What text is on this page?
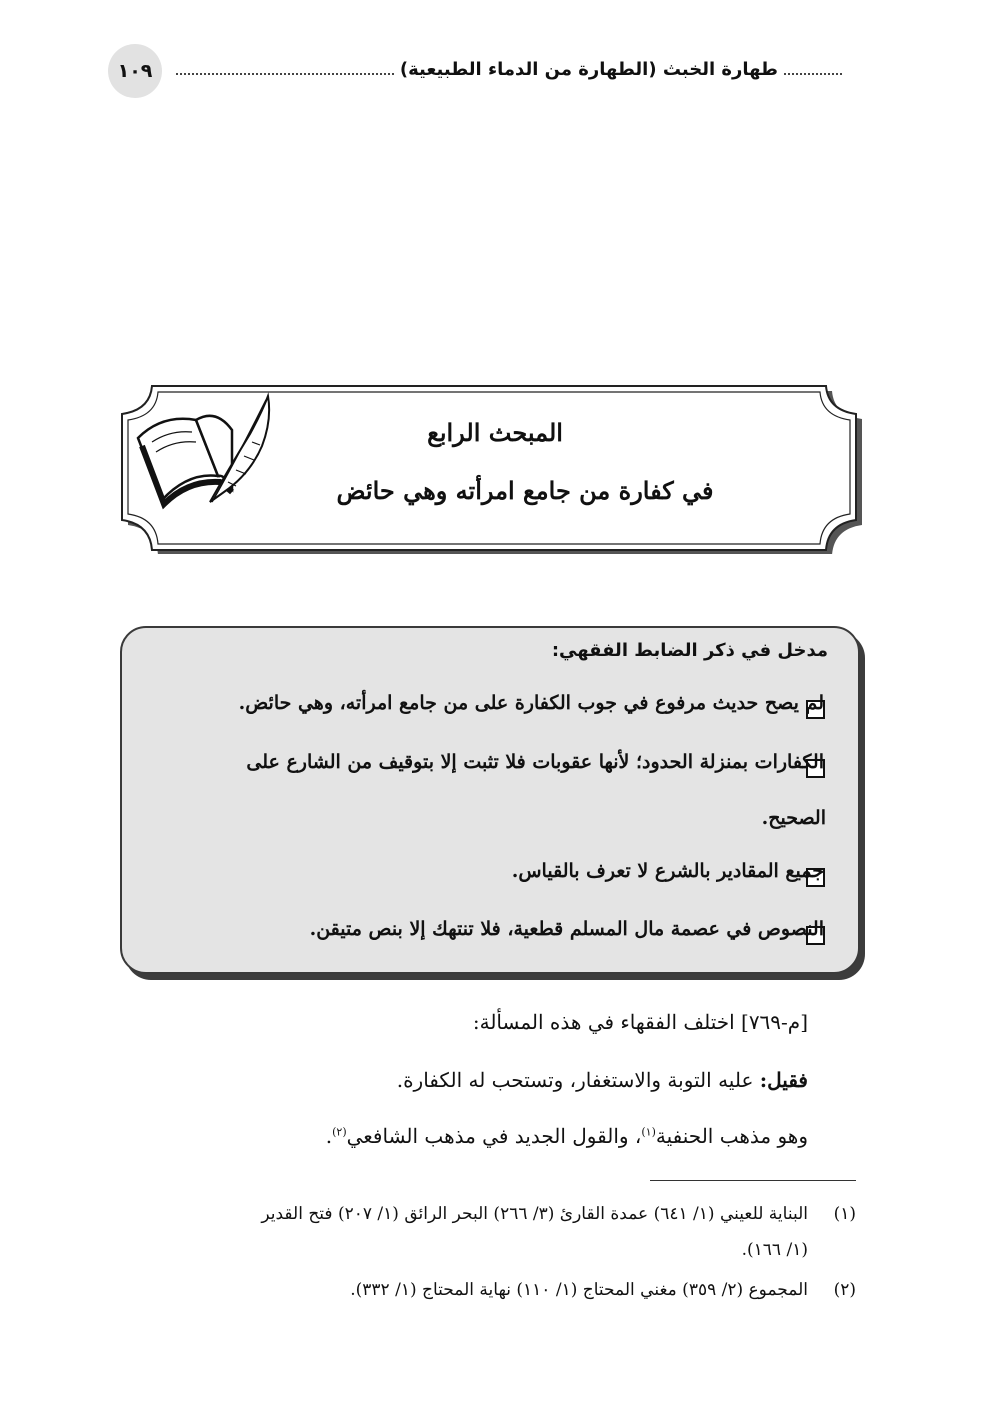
١٠٩	طهارة الخبث (الطهارة من الدماء الطبيعية)
المبحث الرابع
في كفارة من جامع امرأته وهي حائض
مدخل في ذكر الضابط الفقهي:
لم يصح حديث مرفوع في جوب الكفارة على من جامع امرأته، وهي حائض.
الكفارات بمنزلة الحدود؛ لأنها عقوبات فلا تثبت إلا بتوقيف من الشارع على
الصحيح.
جميع المقادير بالشرع لا تعرف بالقياس.
النصوص في عصمة مال المسلم قطعية، فلا تنتهك إلا بنص متيقن.
[م-٧٦٩] اختلف الفقهاء في هذه المسألة:
فقيل: عليه التوبة والاستغفار، وتستحب له الكفارة.
وهو مذهب الحنفية$^{(١)}$، والقول الجديد في مذهب الشافعي$^{(٢)}$.
(١)
البناية للعيني (١/ ٦٤١) عمدة القارئ (٣/ ٢٦٦) البحر الرائق (١/ ٢٠٧) فتح القدير
(١/ ١٦٦).
(٢)
المجموع (٢/ ٣٥٩) مغني المحتاج (١/ ١١٠) نهاية المحتاج (١/ ٣٣٢).
